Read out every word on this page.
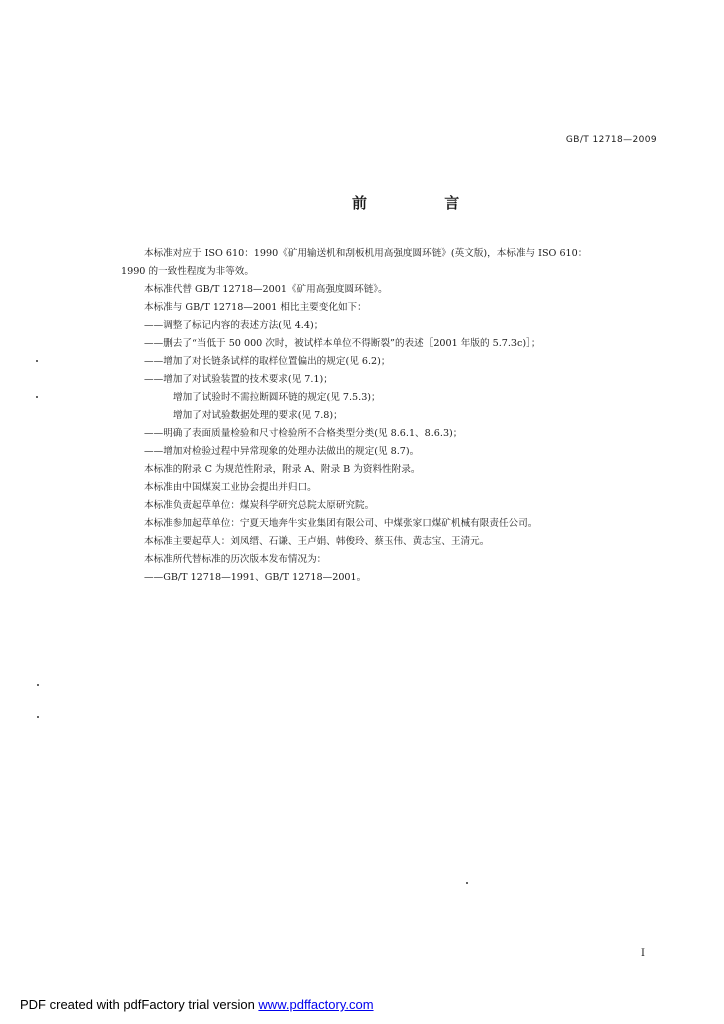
GB/T 12718—2009
前 言
本标准对应于 ISO 610：1990《矿用输送机和刮板机用高强度圆环链》(英文版)，本标准与 ISO 610：
1990 的一致性程度为非等效。
本标准代替 GB/T 12718—2001《矿用高强度圆环链》。
本标准与 GB/T 12718—2001 相比主要变化如下：
——调整了标记内容的表述方法(见 4.4)；
——删去了“当低于 50 000 次时，被试样本单位不得断裂”的表述［2001 年版的 5.7.3c)］；
——增加了对长链条试样的取样位置偏出的规定(见 6.2)；
——增加了对试验装置的技术要求(见 7.1)；
增加了试验时不需拉断圆环链的规定(见 7.5.3)；
增加了对试验数据处理的要求(见 7.8)；
——明确了表面质量检验和尺寸检验所不合格类型分类(见 8.6.1、8.6.3)；
——增加对检验过程中异常现象的处理办法做出的规定(见 8.7)。
本标准的附录 C 为规范性附录，附录 A、附录 B 为资料性附录。
本标准由中国煤炭工业协会提出并归口。
本标准负责起草单位：煤炭科学研究总院太原研究院。
本标准参加起草单位：宁夏天地奔牛实业集团有限公司、中煤张家口煤矿机械有限责任公司。
本标准主要起草人：刘凤缙、石谦、王卢娟、韩俊玲、蔡玉伟、黄志宝、王清元。
本标准所代替标准的历次版本发布情况为：
——GB/T 12718—1991、GB/T 12718—2001。
I
PDF created with pdfFactory trial version www.pdffactory.com
